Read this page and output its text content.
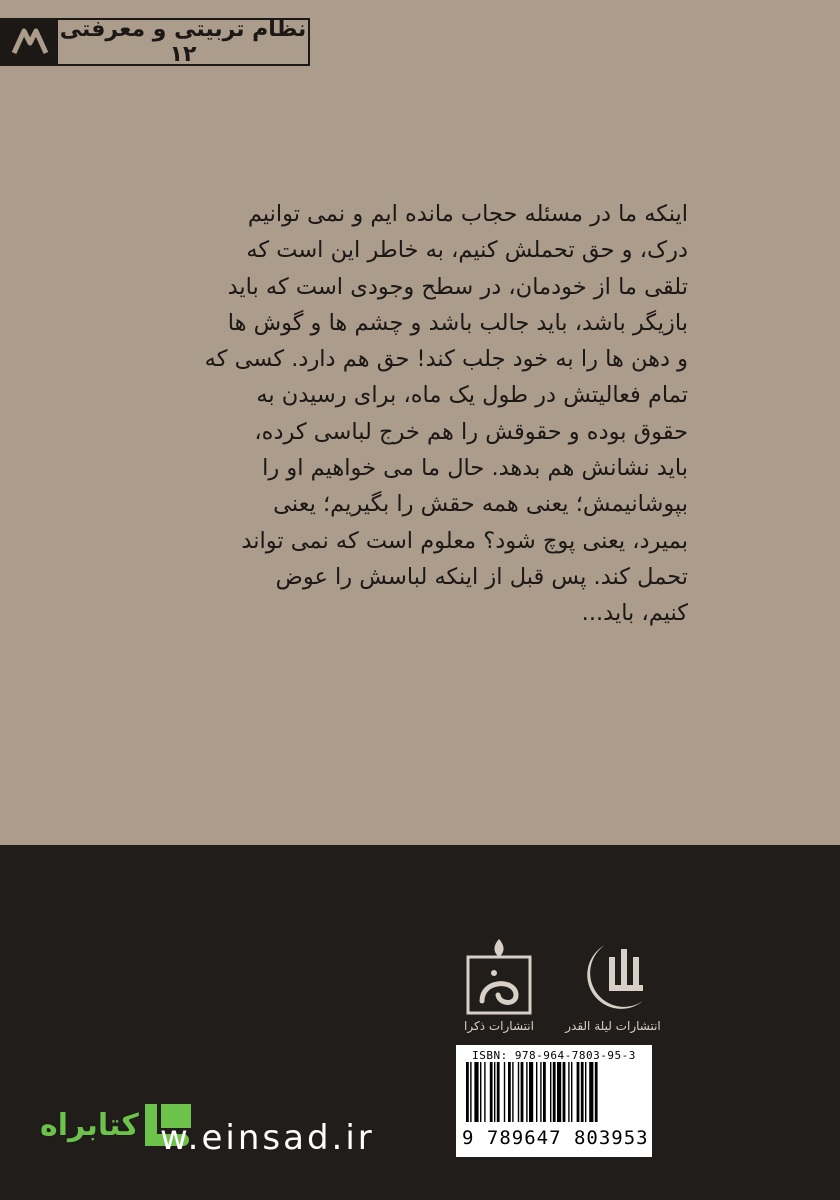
نظام تربیتی و معرفتی ۱۲
اینکه ما در مسئله حجاب مانده ایم و نمی توانیم
درک، و حق تحملش کنیم، به خاطر این است که
تلقی ما از خودمان، در سطح وجودی است که باید
بازیگر باشد، باید جالب باشد و چشم ها و گوش ها
و دهن ها را به خود جلب کند! حق هم دارد. کسی که
تمام فعالیتش در طول یک ماه، برای رسیدن به
حقوق بوده و حقوقش را هم خرج لباسی کرده،
باید نشانش هم بدهد. حال ما می خواهیم او را
بپوشانیمش؛ یعنی همه حقش را بگیریم؛ یعنی
بمیرد، یعنی پوچ شود؟ معلوم است که نمی تواند
تحمل کند. پس قبل از اینکه لباسش را عوض
کنیم، باید...
انتشارات ذکرا	انتشارات لیلة القدر
ISBN: 978-964-7803-95-3
9 789647 803953
کتابراه w.einsad.ir
